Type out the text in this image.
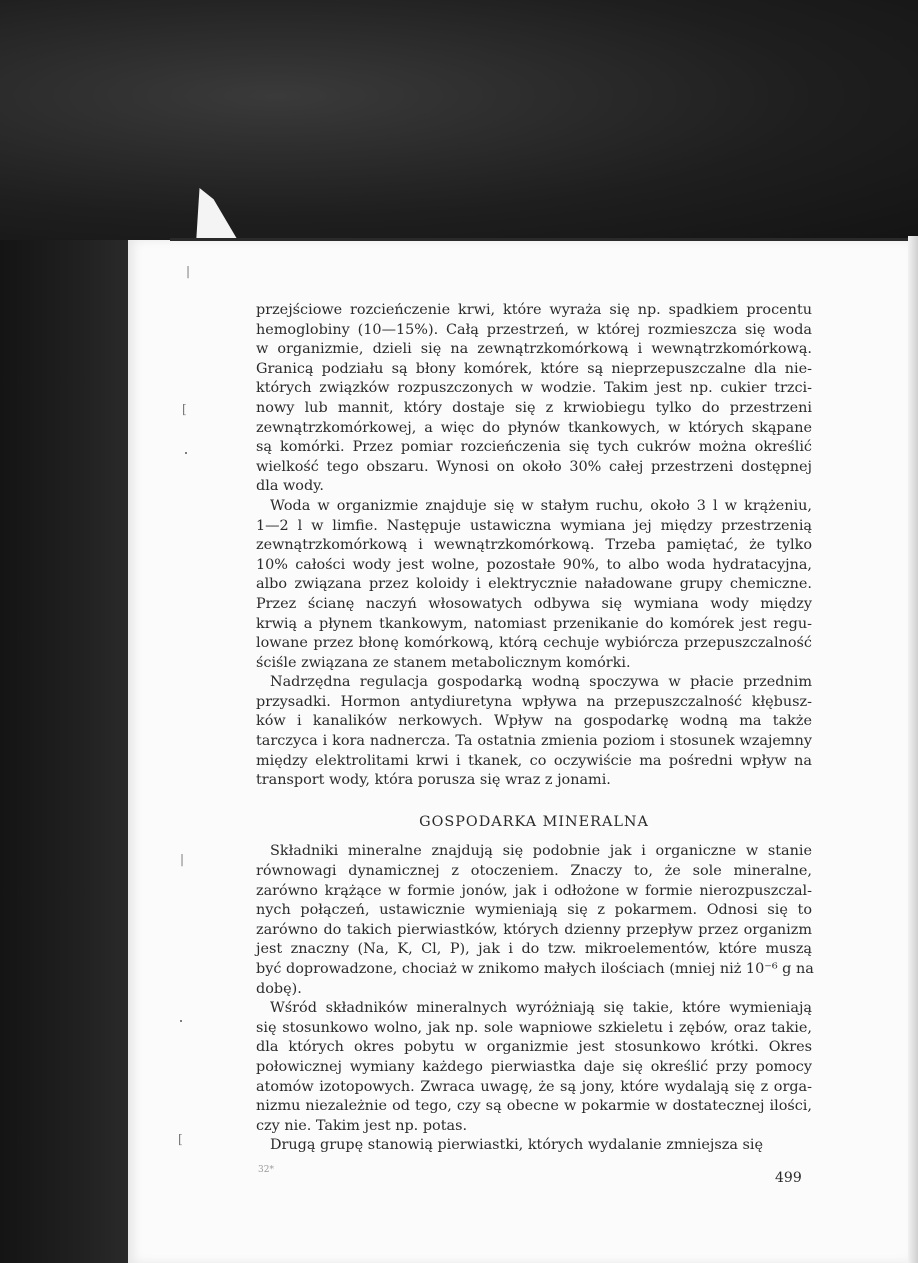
|
[
|
[
przejściowe rozcieńczenie krwi, które wyraża się np. spadkiem procentu
hemoglobiny (10—15%). Całą przestrzeń, w której rozmieszcza się woda
w organizmie, dzieli się na zewnątrzkomórkową i wewnątrzkomórkową.
Granicą podziału są błony komórek, które są nieprzepuszczalne dla nie-
których związków rozpuszczonych w wodzie. Takim jest np. cukier trzci-
nowy lub mannit, który dostaje się z krwiobiegu tylko do przestrzeni
zewnątrzkomórkowej, a więc do płynów tkankowych, w których skąpane
są komórki. Przez pomiar rozcieńczenia się tych cukrów można określić
wielkość tego obszaru. Wynosi on około 30% całej przestrzeni dostępnej
dla wody.
Woda w organizmie znajduje się w stałym ruchu, około 3 l w krążeniu,
1—2 l w limfie. Następuje ustawiczna wymiana jej między przestrzenią
zewnątrzkomórkową i wewnątrzkomórkową. Trzeba pamiętać, że tylko
10% całości wody jest wolne, pozostałe 90%, to albo woda hydratacyjna,
albo związana przez koloidy i elektrycznie naładowane grupy chemiczne.
Przez ścianę naczyń włosowatych odbywa się wymiana wody między
krwią a płynem tkankowym, natomiast przenikanie do komórek jest regu-
lowane przez błonę komórkową, którą cechuje wybiórcza przepuszczalność
ściśle związana ze stanem metabolicznym komórki.
Nadrzędna regulacja gospodarką wodną spoczywa w płacie przednim
przysadki. Hormon antydiuretyna wpływa na przepuszczalność kłębusz-
ków i kanalików nerkowych. Wpływ na gospodarkę wodną ma także
tarczyca i kora nadnercza. Ta ostatnia zmienia poziom i stosunek wzajemny
między elektrolitami krwi i tkanek, co oczywiście ma pośredni wpływ na
transport wody, która porusza się wraz z jonami.
GOSPODARKA MINERALNA
Składniki mineralne znajdują się podobnie jak i organiczne w stanie
równowagi dynamicznej z otoczeniem. Znaczy to, że sole mineralne,
zarówno krążące w formie jonów, jak i odłożone w formie nierozpuszczal-
nych połączeń, ustawicznie wymieniają się z pokarmem. Odnosi się to
zarówno do takich pierwiastków, których dzienny przepływ przez organizm
jest znaczny (Na, K, Cl, P), jak i do tzw. mikroelementów, które muszą
być doprowadzone, chociaż w znikomo małych ilościach (mniej niż 10⁻⁶ g na
dobę).
Wśród składników mineralnych wyróżniają się takie, które wymieniają
się stosunkowo wolno, jak np. sole wapniowe szkieletu i zębów, oraz takie,
dla których okres pobytu w organizmie jest stosunkowo krótki. Okres
połowicznej wymiany każdego pierwiastka daje się określić przy pomocy
atomów izotopowych. Zwraca uwagę, że są jony, które wydalają się z orga-
nizmu niezależnie od tego, czy są obecne w pokarmie w dostatecznej ilości,
czy nie. Takim jest np. potas.
Drugą grupę stanowią pierwiastki, których wydalanie zmniejsza się
32*	499
